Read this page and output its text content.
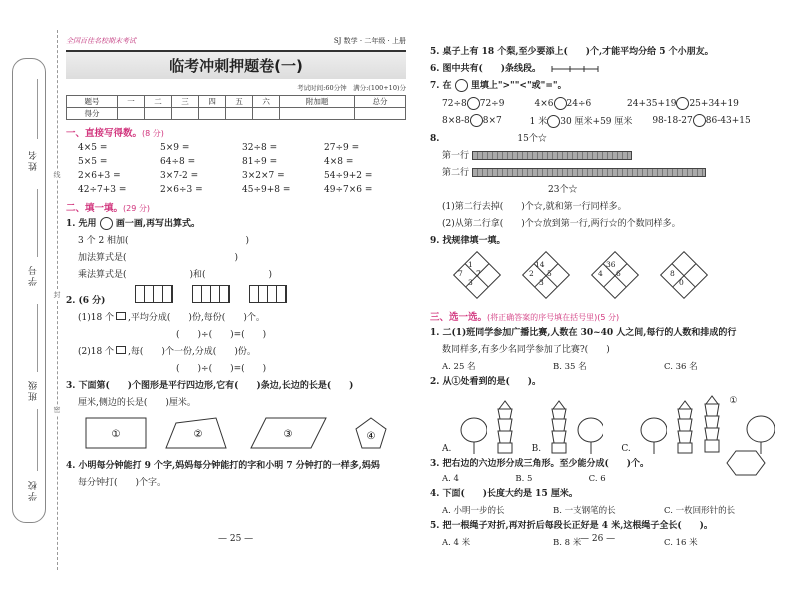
姓名
学号
班级
学校
线
封
密
全国百佳名校期末考试	SJ 数学 · 二年级 · 上册
临考冲刺押题卷(一)
考试时间:60分钟　满分:(100+10)分
题号	一	二	三	四	五	六	附加题	总分
得分								
一、直接写得数。(8 分)
4×5 =	5×9 =	32÷8 =	27÷9 =
5×5 =	64÷8 =	81÷9 =	4×8 =
2×6+3 =	3×7-2 =	3×2×7 =	54÷9+2 =
42÷7+3 =	2×6÷3 =	45÷9+8 =	49÷7×6 =
二、填一填。(29 分)
1. 先用 画一画,再写出算式。
3 个 2 相加(　　　　　　　　　　　　　)
加法算式是(　　　　　　　　　　　　)
乘法算式是(　　　　　　　)和(　　　　　　　)
2. (6 分)
(1)18 个 ,平均分成(　　)份,每份(　　)个。
(　　)÷(　　)=(　　)
(2)18 个 ,每(　　)个一份,分成(　　)份。
(　　)÷(　　)=(　　)
3. 下面第(　　)个图形是平行四边形,它有(　　)条边,长边的长是(　　)
厘米,侧边的长是(　　)厘米。
①	②	③	④
4. 小明每分钟能打 9 个字,妈妈每分钟能打的字和小明 7 分钟打的一样多,妈妈
每分钟打(　　)个字。
— 25 —
5. 桌子上有 18 个梨,至少要添上(　　)个,才能平均分给 5 个小朋友。
6. 图中共有(　　)条线段。
7. 在 里填上">""<"或"="。
72÷8 72÷9	4×6 24÷6	24+35+19 25+34+19
8×8-8 8×7	1 米 30 厘米+59 厘米	98-18-27 86-43+15
8.	15个☆
第一行
第二行
23个☆
(1)第二行去掉(　　)个☆,就和第一行同样多。
(2)从第二行拿(　　)个☆放到第一行,两行☆的个数同样多。
9. 找规律填一填。

1
7 7
3
14
2 5
3
36
4 6	8
0
三、选一选。(将正确答案的序号填在括号里)(5 分)
1. 二(1)班同学参加广播比赛,人数在 30~40 人之间,每行的人数和排成的行
数同样多,有多少名同学参加了比赛?(　　)
A. 25 名	B. 35 名	C. 36 名
2. 从①处看到的是(　　)。
A.	B.	C.
①
3. 把右边的六边形分成三角形。至少能分成(　　)个。
A. 4	B. 5	C. 6
4. 下面(　　)长度大约是 15 厘米。
A. 小明一步的长	B. 一支钢笔的长	C. 一枚回形针的长
5. 把一根绳子对折,再对折后每段长正好是 4 米,这根绳子全长(　　)。
A. 4 米	B. 8 米	C. 16 米
— 26 —
